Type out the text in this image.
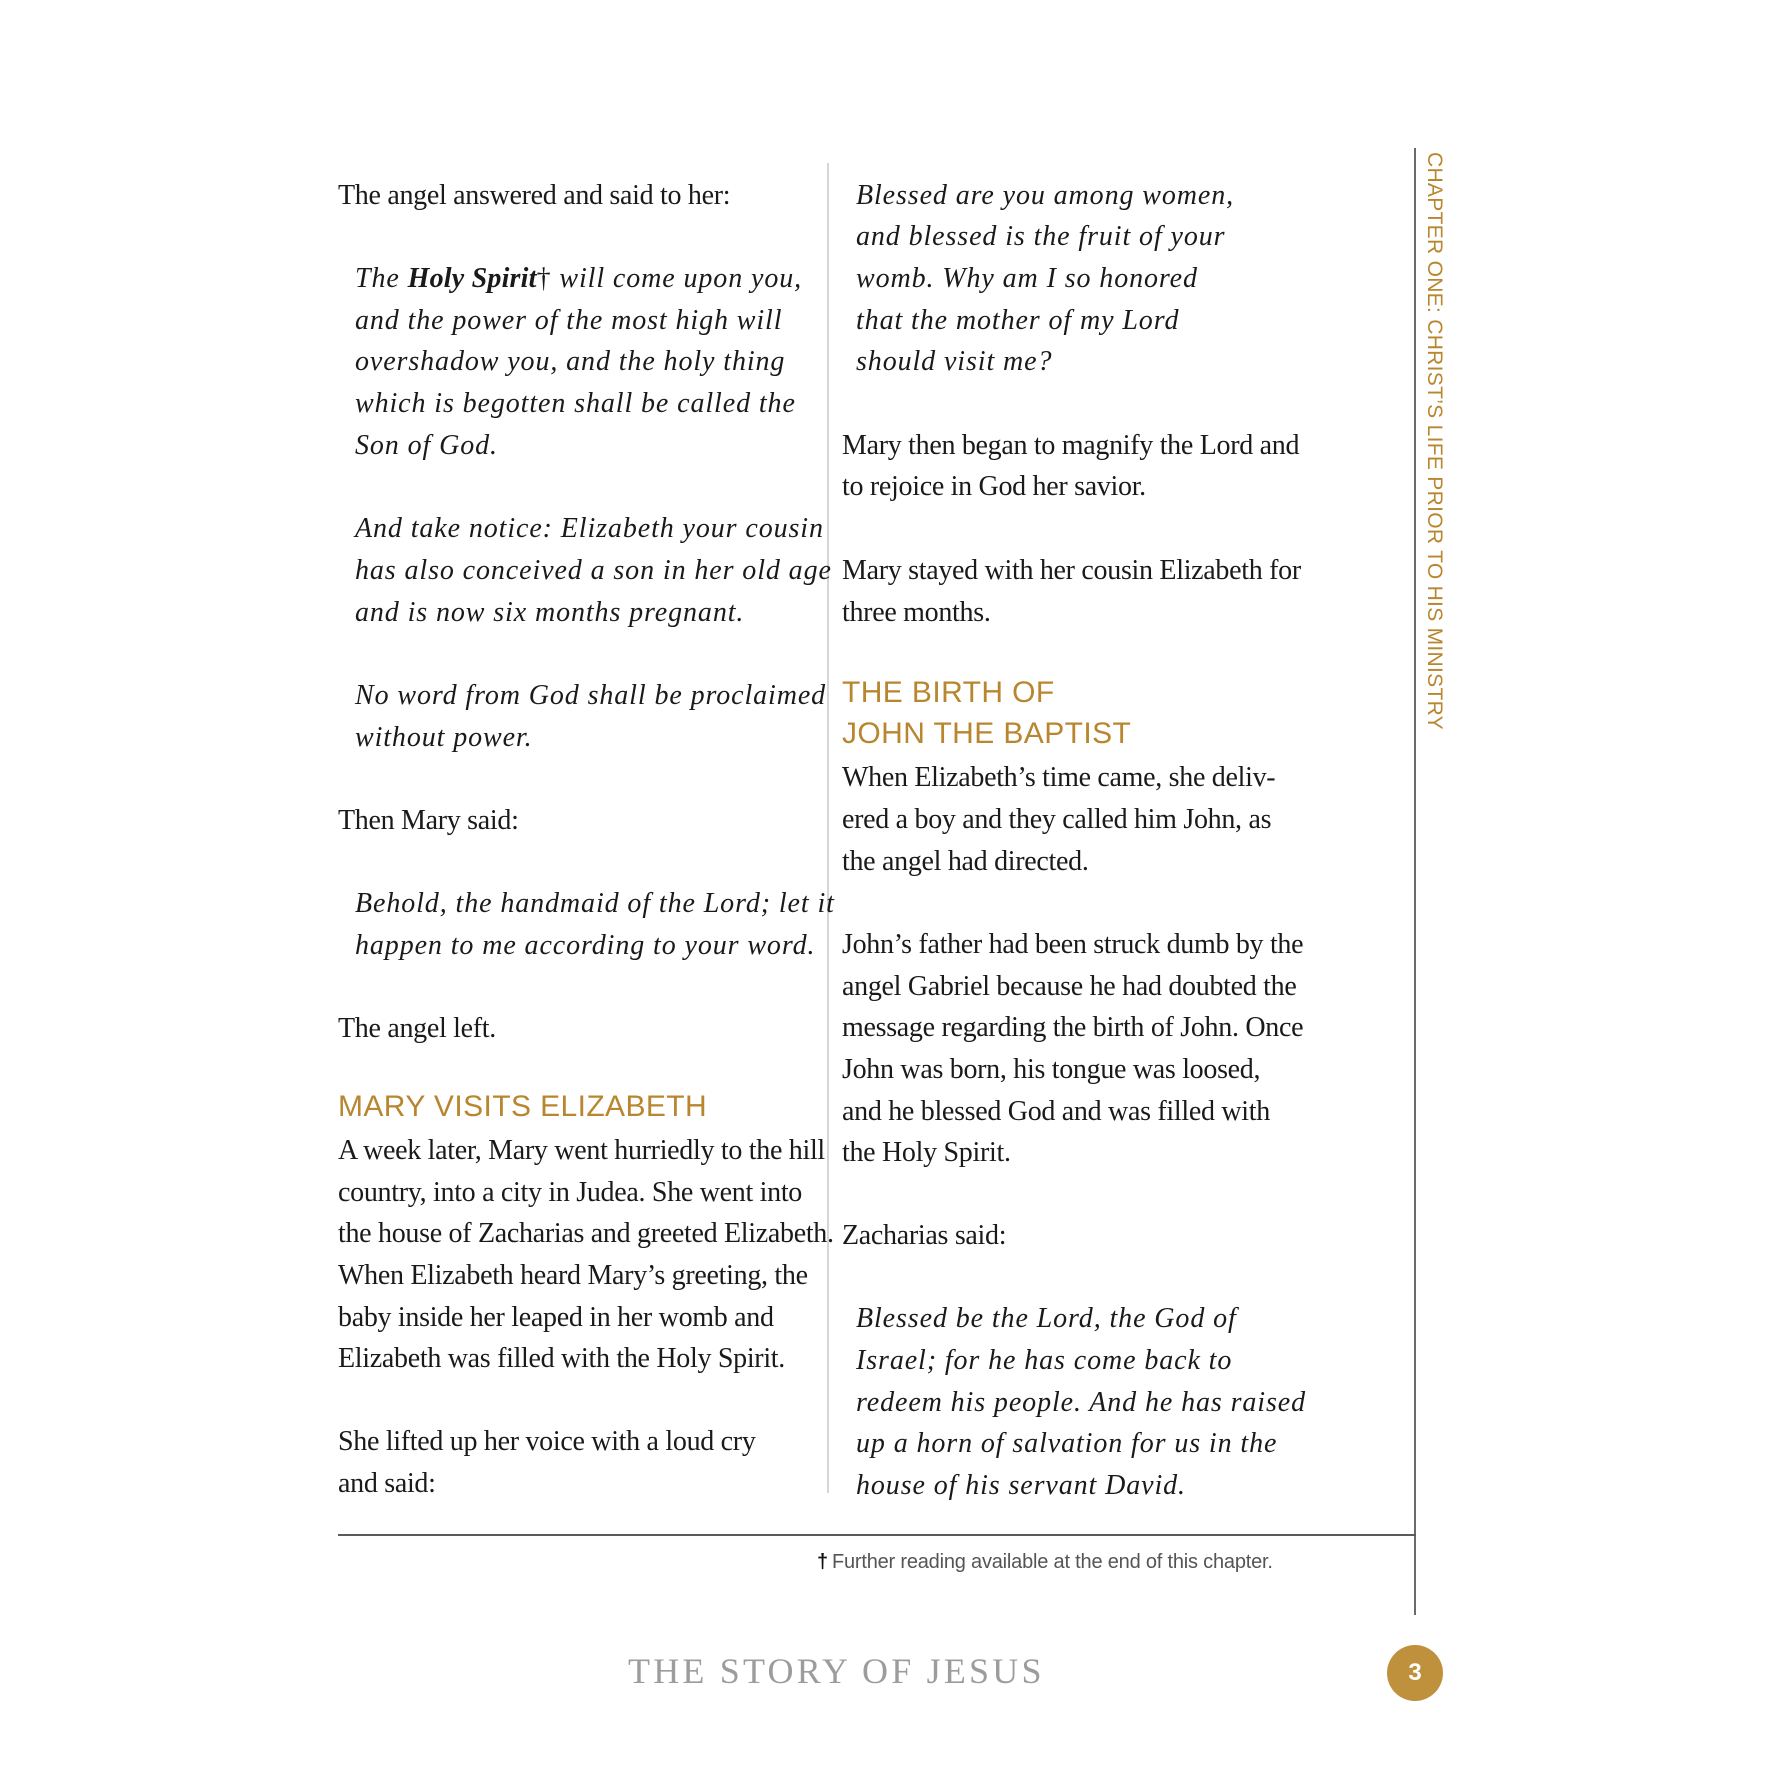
CHAPTER ONE: CHRIST’S LIFE PRIOR TO HIS MINISTRY
The angel answered and said to her:
The Holy Spirit† will come upon you,
and the power of the most high will
overshadow you, and the holy thing
which is begotten shall be called the
Son of God.
And take notice: Elizabeth your cousin
has also conceived a son in her old age
and is now six months pregnant.
No word from God shall be proclaimed
without power.
Then Mary said:
Behold, the handmaid of the Lord; let it
happen to me according to your word.
The angel left.
MARY VISITS ELIZABETH
A week later, Mary went hurriedly to the hill
country, into a city in Judea. She went into
the house of Zacharias and greeted Elizabeth.
When Elizabeth heard Mary’s greeting, the
baby inside her leaped in her womb and
Elizabeth was filled with the Holy Spirit.
She lifted up her voice with a loud cry
and said:
Blessed are you among women,
and blessed is the fruit of your
womb. Why am I so honored
that the mother of my Lord
should visit me?
Mary then began to magnify the Lord and
to rejoice in God her savior.
Mary stayed with her cousin Elizabeth for
three months.
THE BIRTH OF
JOHN THE BAPTIST
When Elizabeth’s time came, she deliv-
ered a boy and they called him John, as
the angel had directed.
John’s father had been struck dumb by the
angel Gabriel because he had doubted the
message regarding the birth of John. Once
John was born, his tongue was loosed,
and he blessed God and was filled with
the Holy Spirit.
Zacharias said:
Blessed be the Lord, the God of
Israel; for he has come back to
redeem his people. And he has raised
up a horn of salvation for us in the
house of his servant David.
† Further reading available at the end of this chapter.
THE STORY OF JESUS	3
